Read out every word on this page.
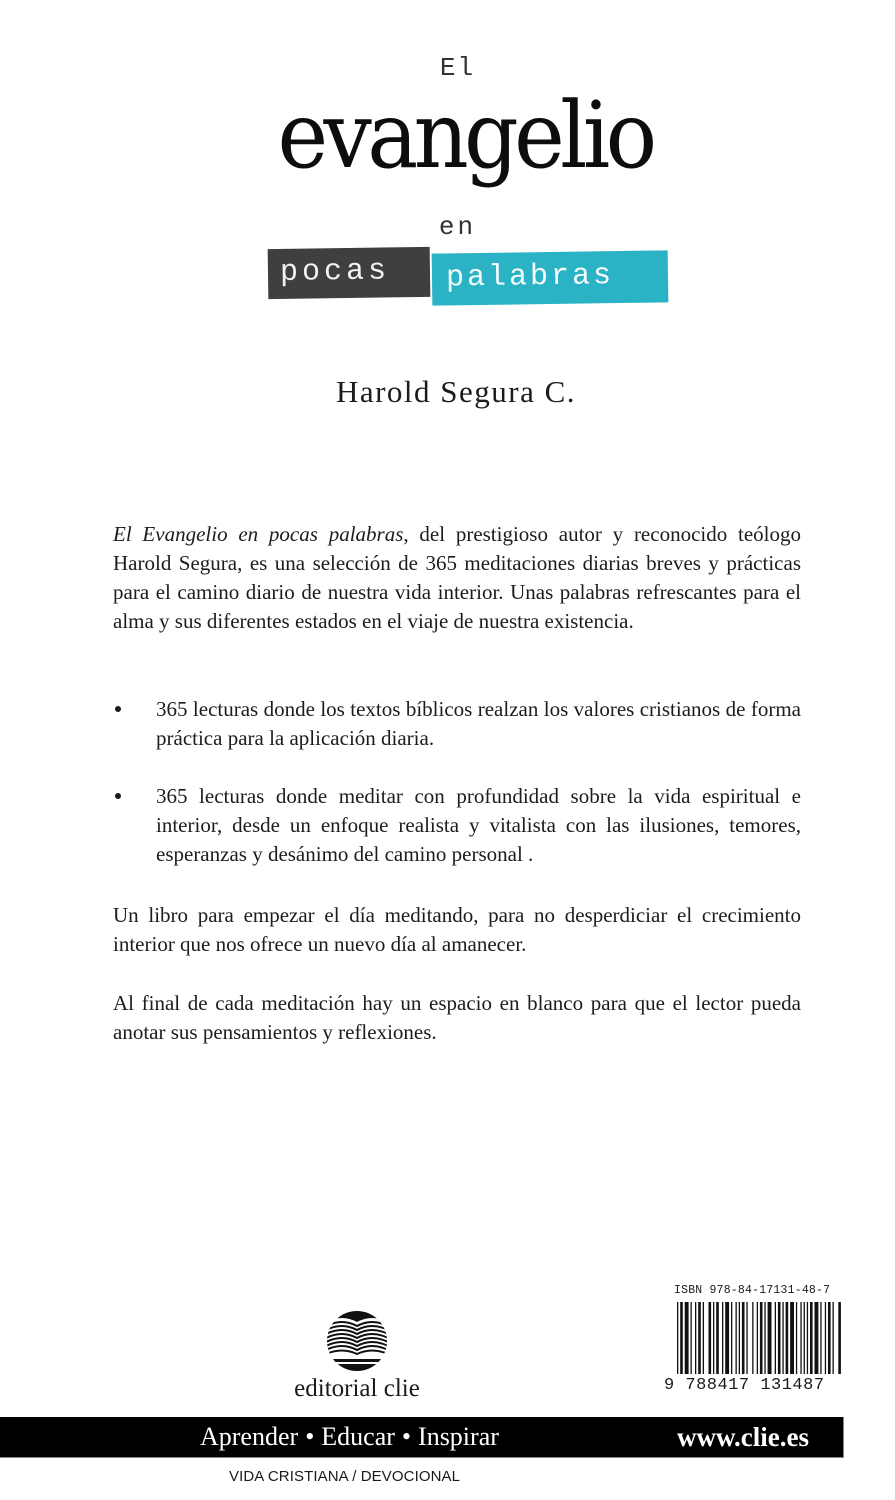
El
evangelio
en
pocas palabras
Harold Segura C.

El Evangelio en pocas palabras, del prestigioso autor y reconocido teólogo Harold Segura, es una selección de 365 meditaciones diarias breves y prácticas para el camino diario de nuestra vida interior. Unas palabras refrescantes para el alma y sus diferentes estados en el viaje de nuestra existencia.

365 lecturas donde los textos bíblicos realzan los valores cristianos de forma práctica para la aplicación diaria.
365 lecturas donde meditar con profundidad sobre la vida espiritual e interior, desde un enfoque realista y vitalista con las ilusiones, temores, esperanzas y desánimo del camino personal .

Un libro para empezar el día meditando, para no desperdiciar el crecimiento interior que nos ofrece un nuevo día al amanecer.

Al final de cada meditación hay un espacio en blanco para que el lector pueda anotar sus pensamientos y reflexiones.

editorial clie
ISBN 978-84-17131-48-7
9 788417 131487
Aprender • Educar • Inspirar	www.clie.es
VIDA CRISTIANA / DEVOCIONAL
